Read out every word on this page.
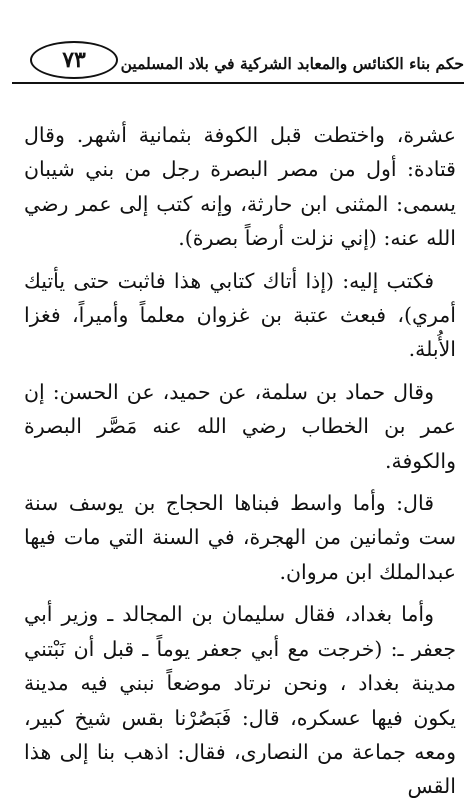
حكم بناء الكنائس والمعابد الشركية في بلاد المسلمين
٧٣

عشرة، واختطت قبل الكوفة بثمانية أشهر. وقال قتادة: أول من مصر البصرة رجل من بني شيبان يسمى: المثنى ابن حارثة، وإنه كتب إلى عمر رضي الله عنه: (إني نزلت أرضاً بصرة).

فكتب إليه: (إذا أتاك كتابي هذا فاثبت حتى يأتيك أمري)، فبعث عتبة بن غزوان معلماً وأميراً، فغزا الأُبلة.

وقال حماد بن سلمة، عن حميد، عن الحسن: إن عمر بن الخطاب رضي الله عنه مَصَّر البصرة والكوفة.

قال: وأما واسط فبناها الحجاج بن يوسف سنة ست وثمانين من الهجرة، في السنة التي مات فيها عبدالملك ابن مروان.

وأما بغداد، فقال سليمان بن المجالد ـ وزير أبي جعفر ـ: (خرجت مع أبي جعفر يوماً ـ قبل أن نَبْتني مدينة بغداد ، ونحن نرتاد موضعاً نبني فيه مدينة يكون فيها عسكره، قال: فَبَصُرْنا بقس شيخ كبير، ومعه جماعة من النصارى، فقال: اذهب بنا إلى هذا القس
